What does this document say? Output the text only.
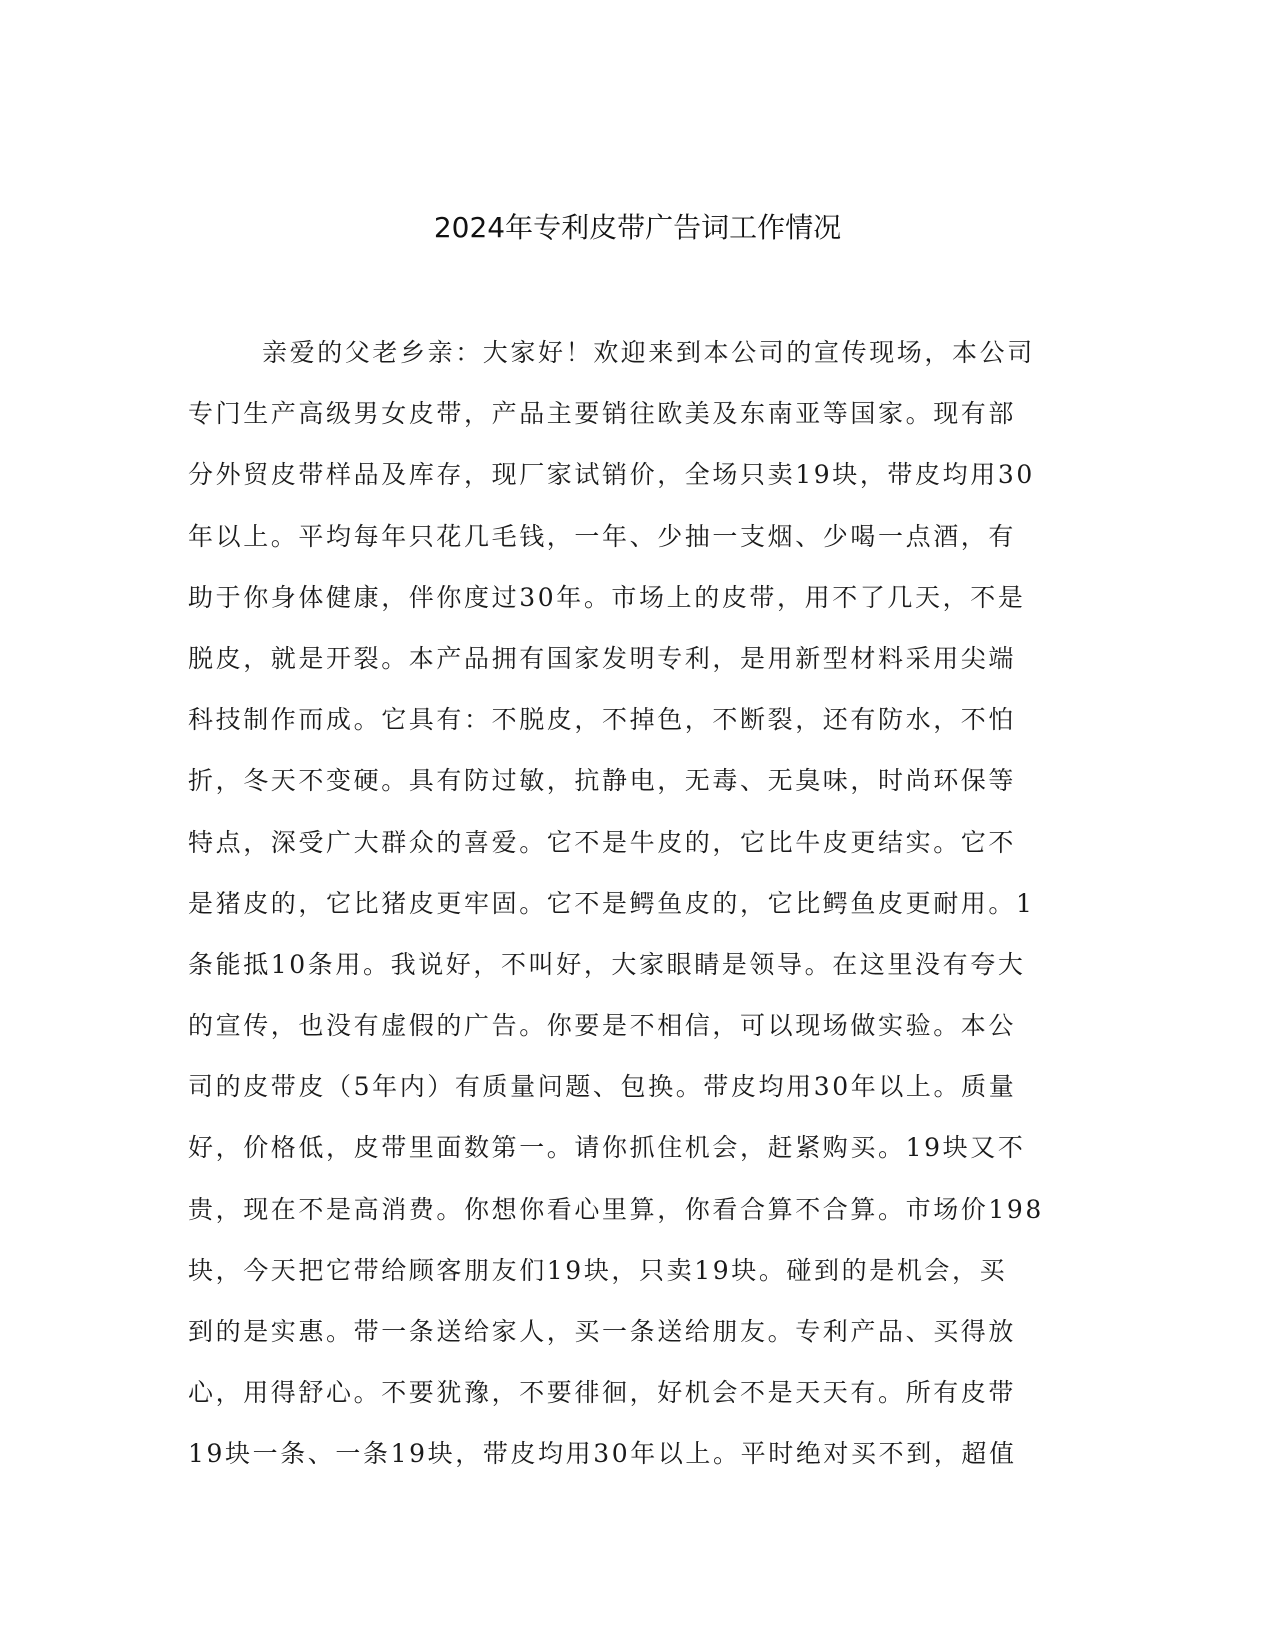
2024年专利皮带广告词工作情况
亲爱的父老乡亲：大家好！欢迎来到本公司的宣传现场，本公司
专门生产高级男女皮带，产品主要销往欧美及东南亚等国家。现有部
分外贸皮带样品及库存，现厂家试销价，全场只卖19块，带皮均用30
年以上。平均每年只花几毛钱，一年、少抽一支烟、少喝一点酒，有
助于你身体健康，伴你度过30年。市场上的皮带，用不了几天，不是
脱皮，就是开裂。本产品拥有国家发明专利，是用新型材料采用尖端
科技制作而成。它具有：不脱皮，不掉色，不断裂，还有防水，不怕
折，冬天不变硬。具有防过敏，抗静电，无毒、无臭味，时尚环保等
特点，深受广大群众的喜爱。它不是牛皮的，它比牛皮更结实。它不
是猪皮的，它比猪皮更牢固。它不是鳄鱼皮的，它比鳄鱼皮更耐用。1
条能抵10条用。我说好，不叫好，大家眼睛是领导。在这里没有夸大
的宣传，也没有虚假的广告。你要是不相信，可以现场做实验。本公
司的皮带皮（5年内）有质量问题、包换。带皮均用30年以上。质量
好，价格低，皮带里面数第一。请你抓住机会，赶紧购买。19块又不
贵，现在不是高消费。你想你看心里算，你看合算不合算。市场价198
块，今天把它带给顾客朋友们19块，只卖19块。碰到的是机会，买
到的是实惠。带一条送给家人，买一条送给朋友。专利产品、买得放
心，用得舒心。不要犹豫，不要徘徊，好机会不是天天有。所有皮带
19块一条、一条19块，带皮均用30年以上。平时绝对买不到，超值
